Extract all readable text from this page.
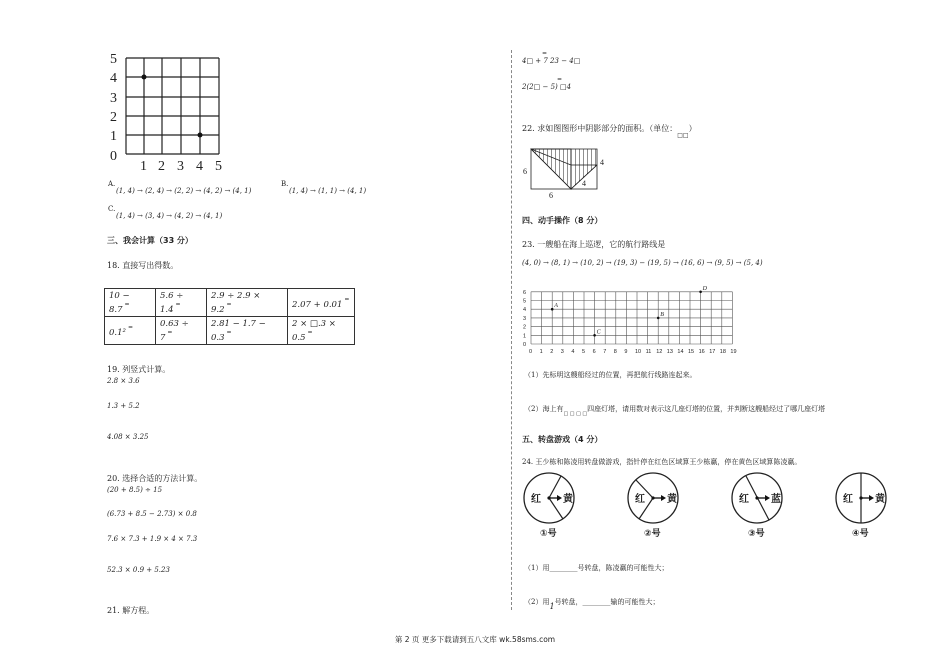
5
4
3
2
1
0
1 2 3 4 5
A.
(1, 4) → (2, 4) → (2, 2) → (4, 2) → (4, 1)
B.
(1, 4) → (1, 1) → (4, 1)
C.
(1, 4) → (3, 4) → (4, 2) → (4, 1)
三、我会计算（33 分）
18. 直接写出得数。
10 − 8.7=	5.6 ÷ 1.4=	2.9 ÷ 2.9 × 9.2=	2.07 + 0.01=
0.1²=	0.63 ÷ 7=	2.81 − 1.7 − 0.3=	2 × □.3 × 0.5=
19. 列竖式计算。
2.8 × 3.6
1.3 + 5.2
4.08 × 3.25
20. 选择合适的方法计算。
(20 + 8.5) ÷ 15
(6.73 + 8.5 − 2.73) × 0.8
7.6 × 7.3 + 1.9 × 4 × 7.3
52.3 × 0.9 + 5.23
21. 解方程。
4□ + 7 23 − 4□
=
2(2□ − 5) □4
=
22. 求如图图形中阴影部分的面积。（单位：$_{□□}$）
6
6
4
4
四、动手操作（8 分）
23. 一艘船在海上巡逻，它的航行路线是
(4, 0) → (8, 1) → (10, 2) → (19, 3) − (19, 5) → (16, 6) → (9, 5) → (5, 4)
0 1 2 3 4 5 6 7 8 9 10 11 12 13 14 15 16 17 18 19
6
5
4
3
2
1
0
A
B
C
D
（1）先标明这艘船经过的位置，再把航行线路连起来。
（2）海上有$_{□ □ □ □}$四座灯塔，请用数对表示这几座灯塔的位置，并判断这艘船经过了哪几座灯塔
五、转盘游戏（4 分）
24. 王少栋和陈凌用转盘做游戏，指针停在红色区域算王少栋赢，停在黄色区域算陈凌赢。
红 黄
①号
红 黄
②号
红 蓝
③号
红 黄
④号
（1）用________号转盘，陈凌赢的可能性大；
（2）用1号转盘，________输的可能性大；
第 2 页 更多下载请到五八文库 wk.58sms.com
